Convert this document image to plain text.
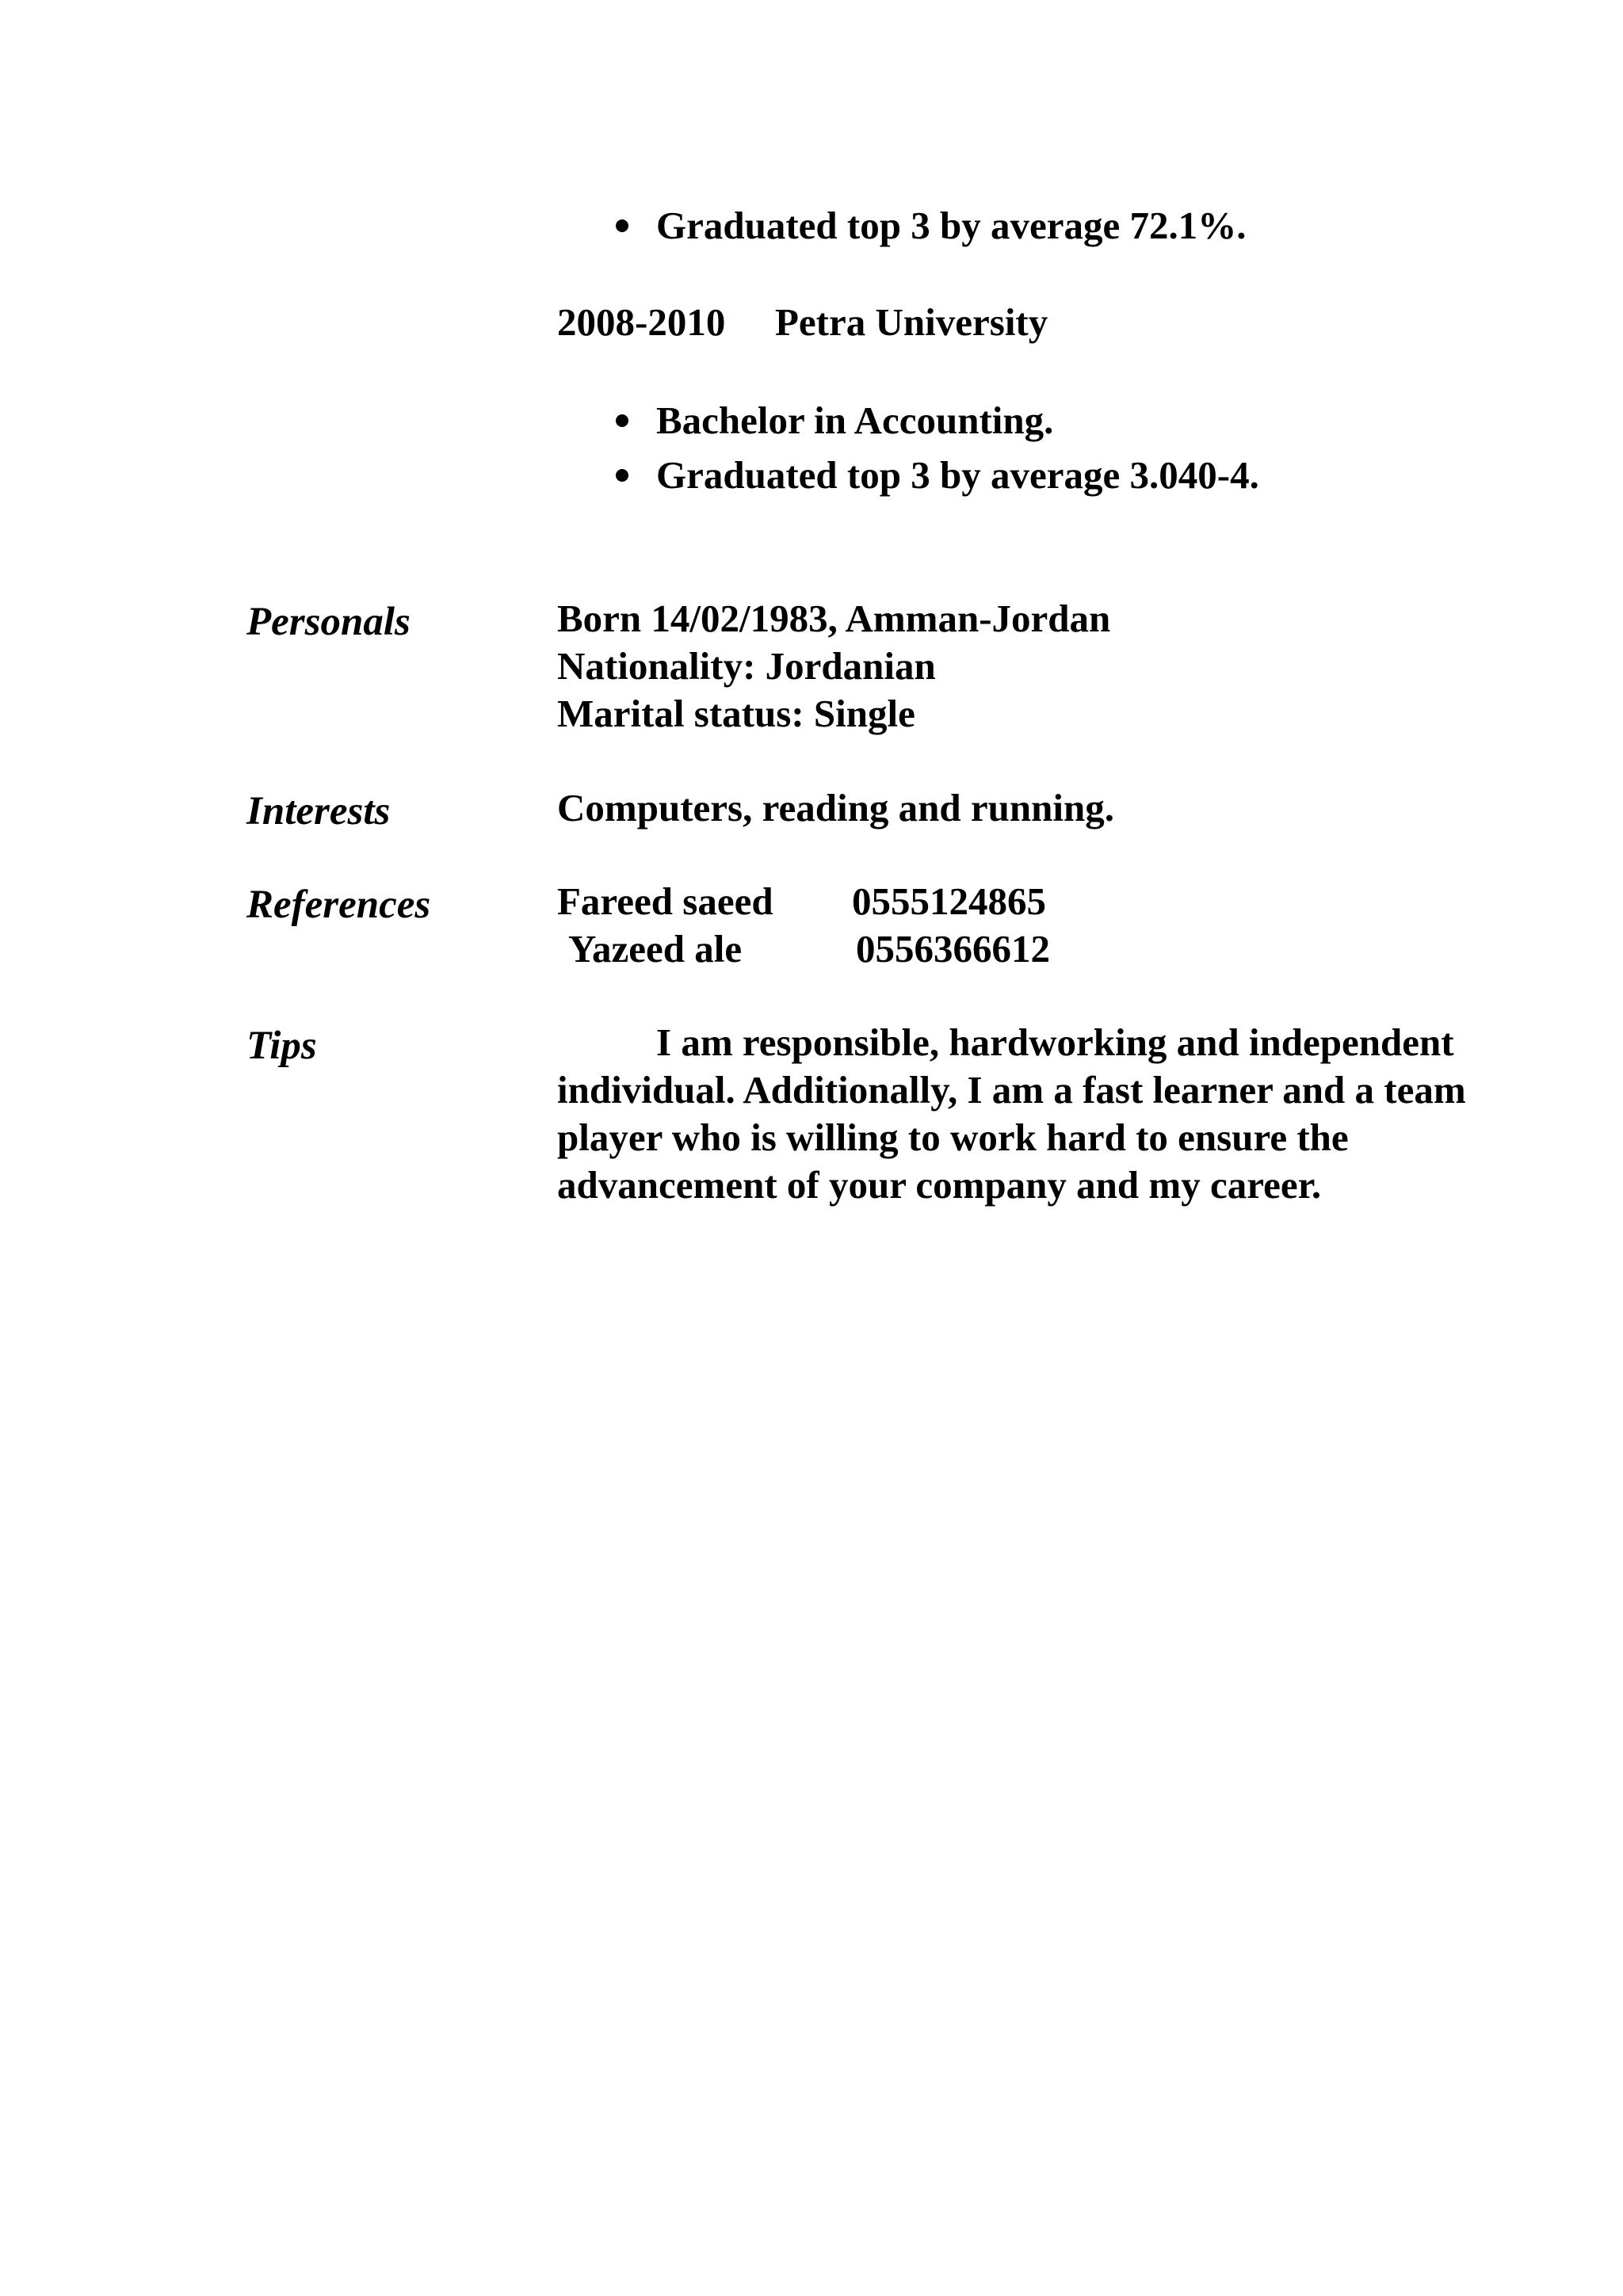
Graduated top 3 by average 72.1%.
2008-2010 Petra University
Bachelor in Accounting.
Graduated top 3 by average 3.040-4.
Personals	Born 14/02/1983, Amman-Jordan
Nationality: Jordanian
Marital status: Single
Interests	Computers, reading and running.
References	Fareed saeed 0555124865
Yazeed ale	0556366612
Tips	I am responsible, hardworking and independent individual. Additionally, I am a fast learner and a team player who is willing to work hard to ensure the advancement of your company and my career.
